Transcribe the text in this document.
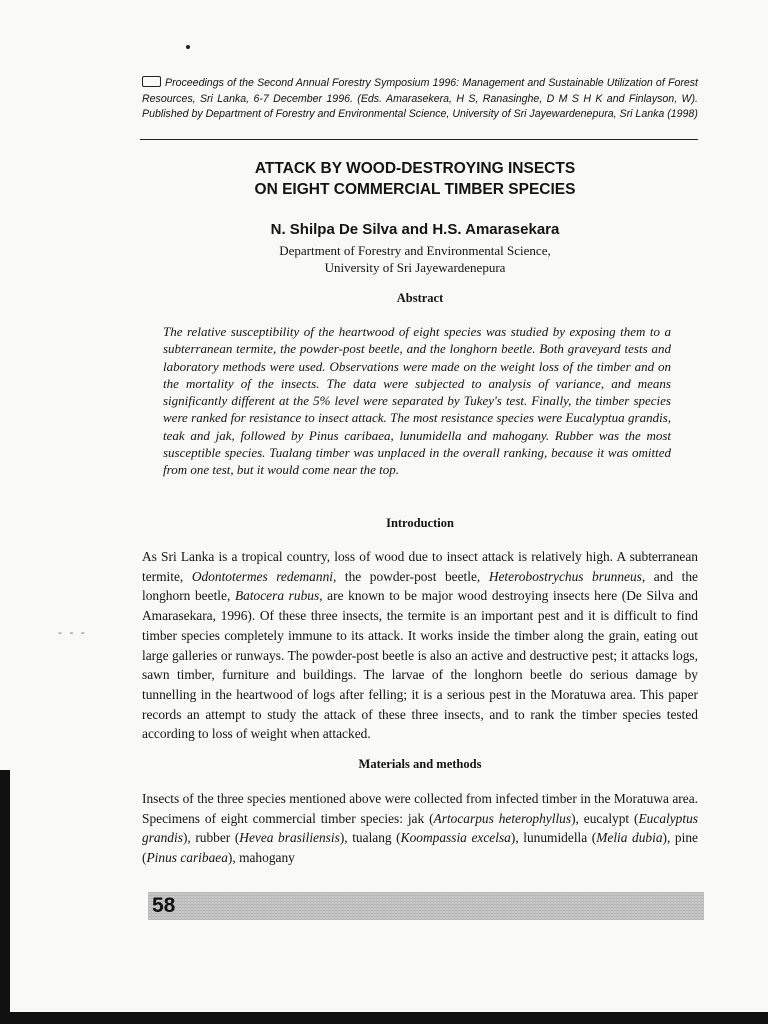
- - -
Proceedings of the Second Annual Forestry Symposium 1996: Management and Sustainable Utilization of Forest Resources, Sri Lanka, 6-7 December 1996. (Eds. Amarasekera, H S, Ranasinghe, D M S H K and Finlayson, W). Published by Department of Forestry and Environmental Science, University of Sri Jayewardenepura, Sri Lanka (1998)
ATTACK BY WOOD-DESTROYING INSECTS
ON EIGHT COMMERCIAL TIMBER SPECIES
N. Shilpa De Silva and H.S. Amarasekara
Department of Forestry and Environmental Science,
University of Sri Jayewardenepura
Abstract
The relative susceptibility of the heartwood of eight species was studied by exposing them to a subterranean termite, the powder-post beetle, and the longhorn beetle. Both graveyard tests and laboratory methods were used. Observations were made on the weight loss of the timber and on the mortality of the insects. The data were subjected to analysis of variance, and means significantly different at the 5% level were separated by Tukey's test. Finally, the timber species were ranked for resistance to insect attack. The most resistance species were Eucalyptua grandis, teak and jak, followed by Pinus caribaea, lunumidella and mahogany. Rubber was the most susceptible species. Tualang timber was unplaced in the overall ranking, because it was omitted from one test, but it would come near the top.
Introduction
As Sri Lanka is a tropical country, loss of wood due to insect attack is relatively high. A subterranean termite, Odontotermes redemanni, the powder-post beetle, Heterobostrychus brunneus, and the longhorn beetle, Batocera rubus, are known to be major wood destroying insects here (De Silva and Amarasekara, 1996). Of these three insects, the termite is an important pest and it is difficult to find timber species completely immune to its attack. It works inside the timber along the grain, eating out large galleries or runways. The powder-post beetle is also an active and destructive pest; it attacks logs, sawn timber, furniture and buildings. The larvae of the longhorn beetle do serious damage by tunnelling in the heartwood of logs after felling; it is a serious pest in the Moratuwa area. This paper records an attempt to study the attack of these three insects, and to rank the timber species tested according to loss of weight when attacked.
Materials and methods
Insects of the three species mentioned above were collected from infected timber in the Moratuwa area. Specimens of eight commercial timber species: jak (Artocarpus heterophyllus), eucalypt (Eucalyptus grandis), rubber (Hevea brasiliensis), tualang (Koompassia excelsa), lunumidella (Melia dubia), pine (Pinus caribaea), mahogany
58
